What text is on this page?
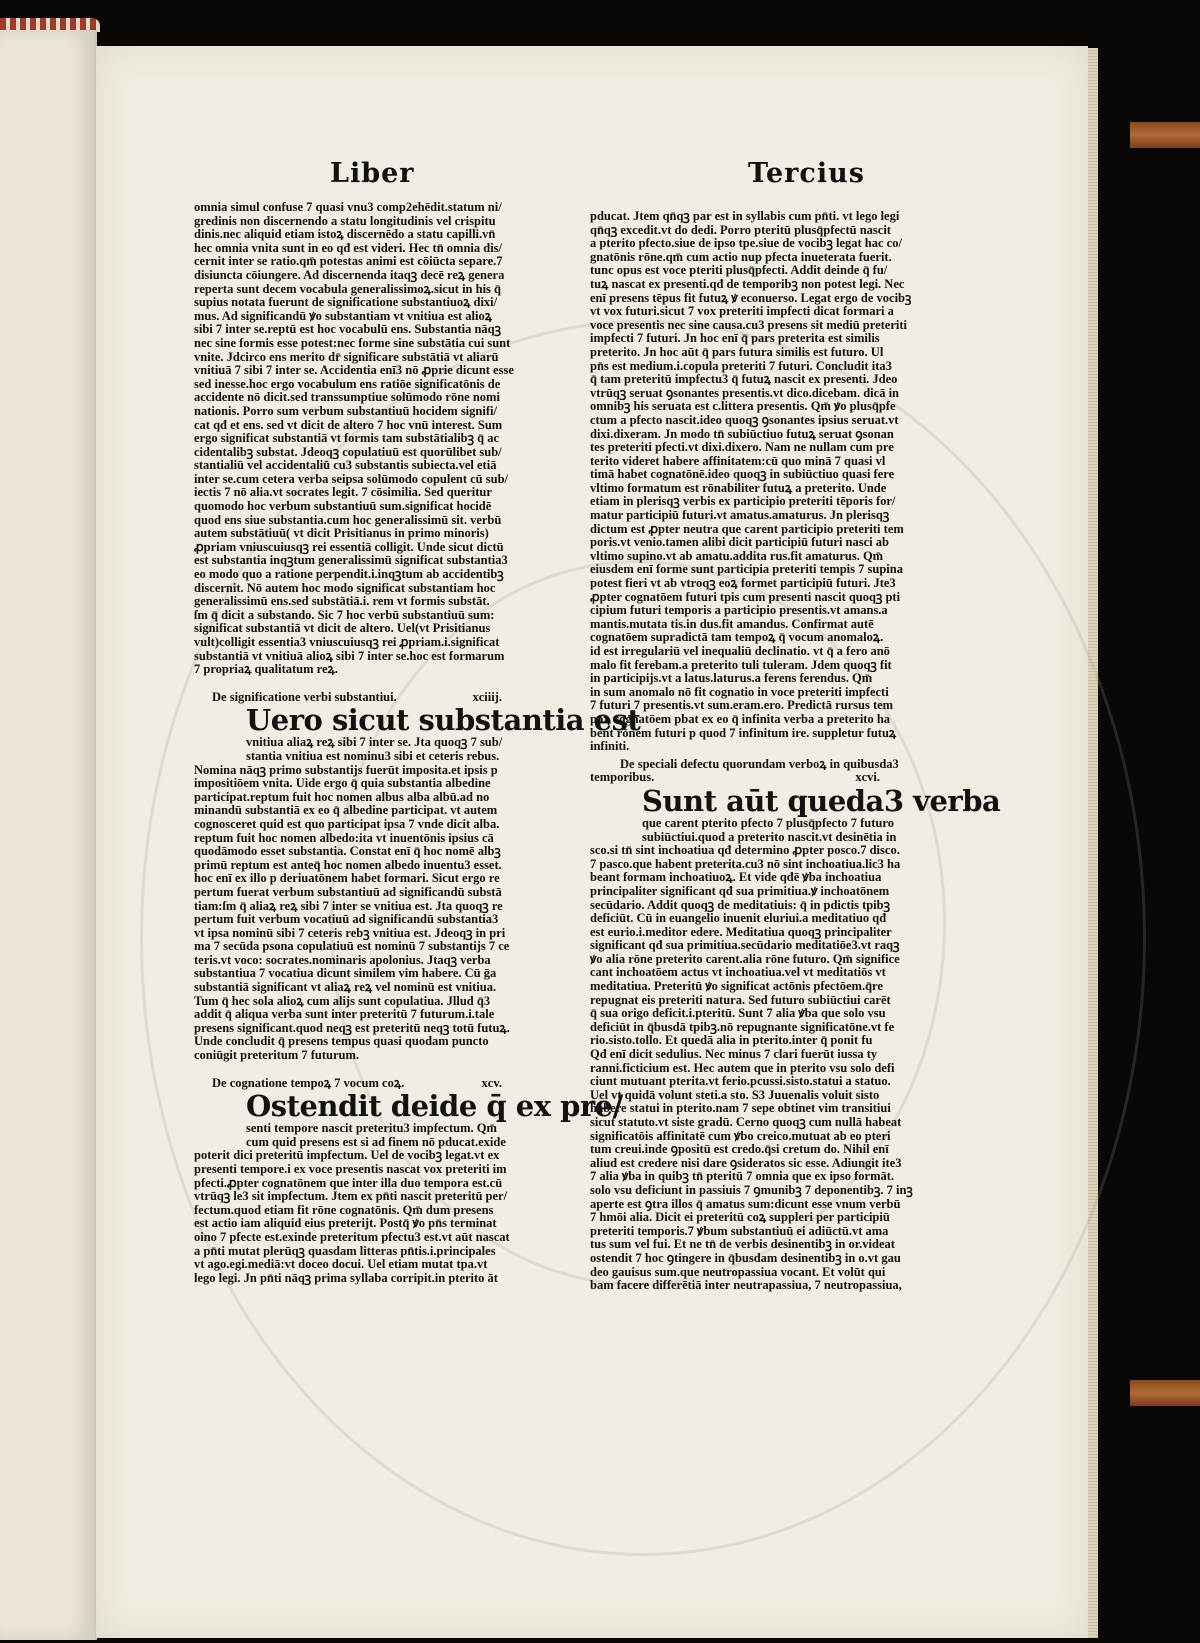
Liber	Tercius
omnia simul confuse 7 quasi vnu3 comp2ehēdit.statum ni/
gredinis non discernendo a statu longitudinis vel crispitu
dinis.nec aliquid etiam istoꝝ discernēdo a statu capilli.vn̄
hec omnia vnita sunt in eo qđ est videri. Hec tn̄ omnia dis/
cernit inter se ratio.qm̄ potestas animi est cōiūcta separe.7
disiuncta cōiungere. Ad discernenda itaqꝫ decē reꝝ genera
reperta sunt decem vocabula generalissimoꝝ.sicut in his q̄
supius notata fuerunt de significatione substantiuoꝝ dixi/
mus. Ad significandū ꝟo substantiam vt vnitiua est alioꝝ
sibi 7 inter se.reptū est hoc vocabulū ens. Substantia nāqꝫ
nec sine formis esse potest:nec forme sine substātia cui sunt
vnite. Jdcirco ens merito dr̄ significare substātiā vt aliarū
vnitiuā 7 sibi 7 inter se. Accidentia enī3 nō ꝓprie dicunt esse
sed inesse.hoc ergo vocabulum ens ratiōe significatōnis de
accidente nō dicit.sed transsumptiue solūmodo rōne nomi
nationis. Porro sum verbum substantiuū hocidem signifi/
cat qđ et ens. sed vt dicit de altero 7 hoc vnū interest. Sum
ergo significat substantiā vt formis tam substātialibꝫ q̄ ac
cidentalibꝫ substat. Jdeoqꝫ copulatiuū est quorūlibet sub/
stantialiū vel accidentaliū cu3 substantis subiecta.vel etiā
inter se.cum cetera verba seipsa solūmodo copulent cū sub/
iectis 7 nō alia.vt socrates legit. 7 cōsimilia. Sed queritur
quomodo hoc verbum substantiuū sum.significat hocidē
quod ens siue substantia.cum hoc generalissimū sit. verbū
autem substātiuū( vt dicit Prisitianus in primo minoris)
ꝓpriam vniuscuiusqꝫ rei essentiā colligit. Unde sicut dictū
est substantia inqꝫtum generalissimū significat substantia3
eo modo quo a ratione perpendit.i.inqꝫtum ab accidentibꝫ
discernit. Nō autem hoc modo significat substantiam hoc
generalissimū ens.sed substātiā.i. rem vt formis substāt.
ſm q̄ dicit a substando. Sic 7 hoc verbū substantiuū sum:
significat substantiā vt dicit de altero. Uel(vt Prisitianus
vult)colligit essentia3 vniuscuiusqꝫ rei ꝓpriam.i.significat
substantiā vt vnitiuā alioꝝ sibi 7 inter se.hoc est formarum
7 propriaꝝ qualitatum reꝝ.
De significatione verbi substantiui.	xciiij.
Uero sicut substantia est
vnitiua aliaꝝ reꝝ sibi 7 inter se. Jta quoqꝫ 7 sub/
stantia vnitiua est nominu3 sibi et ceteris rebus.
Nomina nāqꝫ primo substantijs fuerūt imposita.et ipsis p
impositiōem vnita. Uide ergo q̄ quia substantia albedine
participat.reptum fuit hoc nomen albus alba albū.ad no
minandū substantiā ex eo q̄ albedine participat. vt autem
cognosceret quid est quo participat ipsa 7 vnde dicit alba.
reptum fuit hoc nomen albedo:ita vt inuentōnis ipsius cā
quodāmodo esset substantia. Constat enī q̄ hoc nomē albꝫ
primū reptum est anteq̄ hoc nomen albedo inuentu3 esset.
hoc enī ex illo p deriuatōnem habet formari. Sicut ergo re
pertum fuerat verbum substantiuū ad significandū substā
tiam:ſm q̄ aliaꝝ reꝝ sibi 7 inter se vnitiua est. Jta quoqꝫ re
pertum fuit verbum vocatiuū ad significandū substantia3
vt ipsa nominū sibi 7 ceteris rebꝫ vnitiua est. Jdeoqꝫ in pri
ma 7 secūda psona copulatiuū est nominū 7 substantijs 7 ce
teris.vt voco: socrates.nominaris apolonius. Jtaqꝫ verba
substantiua 7 vocatiua dicunt similem vim habere. Cū ḡa
substantiā significant vt aliaꝝ reꝝ vel nominū est vnitiua.
Tum q̄ hec sola alioꝝ cum alijs sunt copulatiua. Jllud q̄3
addit q̄ aliqua verba sunt inter preteritū 7 futurum.i.tale
presens significant.quod neqꝫ est preteritū neqꝫ totū futuꝝ.
Unde concludit q̄ presens tempus quasi quodam puncto
coniūgit preteritum 7 futurum.
De cognatione tempoꝝ 7 vocum coꝝ.	xcv.
Ostendit deide q̄ ex pre/
senti tempore nascit preteritu3 impfectum. Qm̄
cum quid presens est si ad finem nō pducat.exide
poterit dici preteritū impfectum. Uel de vocibꝫ legat.vt ex
presenti tempore.i ex voce presentis nascat vox preteriti im
pfecti.ꝓpter cognatōnem que inter illa duo tempora est.cū
vtrūqꝫ le3 sit impfectum. Jtem ex pn̄ti nascit preteritū per/
fectum.quod etiam fit rōne cognatōnis. Qm̄ dum presens
est actio iam aliquid eius preterijt. Postq̄ ꝟo pn̄s terminat
oino 7 pfecte est.exinde preteritum pfectu3 est.vt aūt nascat
a pn̄ti mutat plerūqꝫ quasdam litteras pn̄tis.i.principales
vt ago.egi.mediā:vt doceo docui. Uel etiam mutat tpa.vt
lego legi. Jn pn̄ti nāqꝫ prima syllaba corripit.in pterito āt
pducat. Jtem qn̄qꝫ par est in syllabis cum pn̄ti. vt lego legi
qn̄qꝫ excedit.vt do dedi. Porro pteritū plusq̄pfectū nascit
a pterito pfecto.siue de ipso tpe.siue de vocibꝫ legat hac co/
gnatōnis rōne.qm̄ cum actio nup pfecta inueterata fuerit.
tunc opus est voce pteriti plusq̄pfecti. Addit deinde q̄ fu/
tuꝝ nascat ex presenti.qđ de temporibꝫ non potest legi. Nec
enī presens tēpus fit futuꝝ ꝟ econuerso. Legat ergo de vocibꝫ
vt vox futuri.sicut 7 vox preteriti impfecti dicat formari a
voce presentis nec sine causa.cu3 presens sit mediū preteriti
impfecti 7 futuri. Jn hoc enī q̄ pars preterita est similis
preterito. Jn hoc aūt q̄ pars futura similis est futuro. Ul
pn̄s est medium.i.copula preteriti 7 futuri. Concludit ita3
q̄ tam preteritū impfectu3 q̄ futuꝝ nascit ex presenti. Jdeo
vtrūqꝫ seruat ꝯsonantes presentis.vt dico.dicebam. dicā in
omnibꝫ his seruata est c.littera presentis. Qm̄ ꝟo plusq̄pfe
ctum a pfecto nascit.ideo quoqꝫ ꝯsonantes ipsius seruat.vt
dixi.dixeram. Jn modo tn̄ subiūctiuo futuꝝ seruat ꝯsonan
tes preteriti pfecti.vt dixi.dixero. Nam ne nullam cum pre
terito videret habere affinitatem:cū quo minā 7 quasi vl
timā habet cognatōnē.ideo quoqꝫ in subiūctiuo quasi fere
vltimo formatum est rōnabiliter futuꝝ a preterito. Unde
etiam in plerisqꝫ verbis ex participio preteriti tēporis for/
matur participiū futuri.vt amatus.amaturus. Jn plerisqꝫ
dictum est ꝓpter neutra que carent participio preteriti tem
poris.vt venio.tamen alibi dicit participiū futuri nasci ab
vltimo supino.vt ab amatu.addita rus.fit amaturus. Qm̄
eiusdem enī forme sunt participia preteriti tempis 7 supina
potest fieri vt ab vtroqꝫ eoꝝ formet participiū futuri. Jte3
ꝓpter cognatōem futuri tpis cum presenti nascit quoqꝫ pti
cipium futuri temporis a participio presentis.vt amans.a
mantis.mutata tis.in dus.fit amandus. Confirmat autē
cognatōem supradictā tam tempoꝝ q̄ vocum anomaloꝝ.
id est irregulariū vel inequaliū declinatio. vt q̄ a fero anō
malo fit ferebam.a preterito tuli tuleram. Jdem quoqꝫ fit
in participijs.vt a latus.laturus.a ferens ferendus. Qm̄
in sum anomalo nō fit cognatio in voce preteriti impfecti
7 futuri 7 presentis.vt sum.eram.ero. Predictā rursus tem
poꝝ cognatōem pbat ex eo q̄ infinita verba a preterito ha
bent rōnem futuri p quod 7 infinitum ire. suppletur futuꝝ
infiniti.
De speciali defectu quorundam verboꝝ in quibusda3
temporibus.	xcvi.
Sunt aūt queda3 verba
que carent pterito pfecto 7 plusq̄pfecto 7 futuro
subiūctiui.quod a preterito nascit.vt desinētia in
sco.si tn̄ sint inchoatiua qđ determino ꝓpter posco.7 disco.
7 pasco.que habent preterita.cu3 nō sint inchoatiua.lic3 ha
beant formam inchoatiuoꝝ. Et vide qđē ꝟba inchoatiua
principaliter significant qđ sua primitiua.ꝟ inchoatōnem
secūdario. Addit quoqꝫ de meditatiuis: q̄ in pdictis tpibꝫ
deficiūt. Cū in euangelio inuenit eluriui.a meditatiuo qđ
est eurio.i.meditor edere. Meditatiua quoqꝫ principaliter
significant qđ sua primitiua.secūdario meditatiōe3.vt raqꝫ
ꝟo alia rōne preterito carent.alia rōne futuro. Qm̄ significe
cant inchoatōem actus vt inchoatiua.vel vt meditatiōs vt
meditatiua. Preteritū ꝟo significat actōnis pfectōem.q̄re
repugnat eis preteriti natura. Sed futuro subiūctiui carēt
q̄ sua origo deficit.i.pteritū. Sunt 7 alia ꝟba que solo vsu
deficiūt in q̄busdā tpibꝫ.nō repugnante significatōne.vt fe
rio.sisto.tollo. Et quedā alia in pterito.inter q̄ ponit fu
Qđ enī dicit sedulius. Nec minus 7 clari fuerūt iussa ty
ranni.ficticium est. Hec autem que in pterito vsu solo defi
ciunt mutuant pterita.vt ferio.pcussi.sisto.statui a statuo.
Uel vt quidā volunt steti.a sto. S3 Juuenalis voluit sisto
habere statui in pterito.nam 7 sepe obtinet vim transitiui
sicut statuto.vt siste gradū. Cerno quoqꝫ cum nullā habeat
significatōis affinitatē cum ꝟbo creico.mutuat ab eo pteri
tum creui.inde ꝯpositū est credo.q̄si cretum do. Nihil enī
aliud est credere nisi dare ꝯsideratos sic esse. Adiungit ite3
7 alia ꝟba in quibꝫ tn̄ pteritū 7 omnia que ex ipso formāt.
solo vsu deficiunt in passiuis 7 ꝯmunibꝫ 7 deponentibꝫ. 7 inꝫ
aperte est ꝯtra illos q̄ amatus sum:dicunt esse vnum verbū
7 hmōi alia. Dicit ei preteritū coꝝ suppleri per participiū
preteriti temporis.7 ꝟbum substantiuū ei adiūctū.vt ama
tus sum vel fui. Et ne tn̄ de verbis desinentibꝫ in or.videat
ostendit 7 hoc ꝯtingere in q̄busdam desinentibꝫ in o.vt gau
deo gauisus sum.que neutropassiua vocant. Et volūt qui
bam facere differētiā inter neutrapassiua, 7 neutropassiua,
